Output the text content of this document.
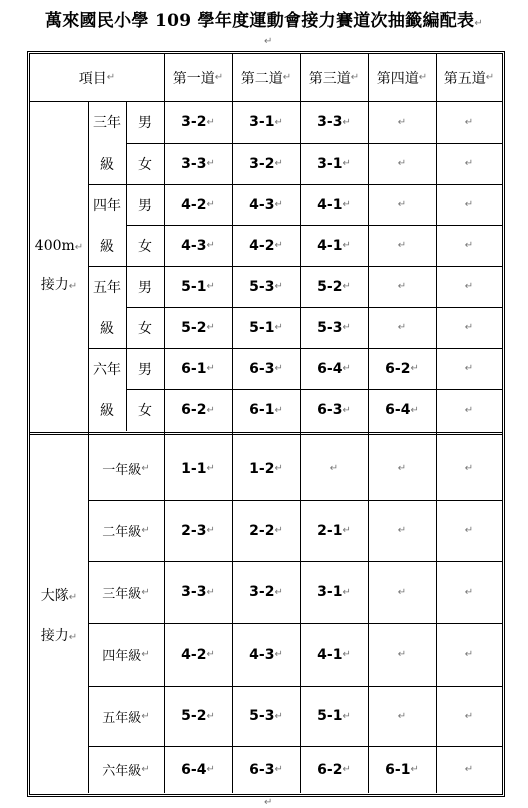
萬來國民小學 109 學年度運動會接力賽道次抽籤編配表↵
↵
↵
項目 ↵	第一道 ↵ 第二道 ↵ 第三道 ↵ 第四道 ↵ 第五道 ↵
400m↵
接力↵
三年
級
男	3-2 ↵	3-1 ↵	3-3 ↵	↵	↵
女	3-3 ↵	3-2 ↵	3-1 ↵	↵	↵
四年
級
男	4-2 ↵	4-3 ↵	4-1 ↵	↵	↵
女	4-3 ↵	4-2 ↵	4-1 ↵	↵	↵
五年
級
男	5-1 ↵	5-3 ↵	5-2 ↵	↵	↵
女	5-2 ↵	5-1 ↵	5-3 ↵	↵	↵
六年
級
男	6-1 ↵	6-3 ↵	6-4 ↵	6-2 ↵	↵
女	6-2 ↵	6-1 ↵	6-3 ↵	6-4 ↵	↵
大隊↵
接力↵
一年級 ↵	1-1 ↵	1-2 ↵	↵	↵	↵
二年級 ↵	2-3 ↵	2-2 ↵	2-1 ↵	↵	↵
三年級 ↵	3-3 ↵	3-2 ↵	3-1 ↵	↵	↵
四年級 ↵	4-2 ↵	4-3 ↵	4-1 ↵	↵	↵
五年級 ↵	5-2 ↵	5-3 ↵	5-1 ↵	↵	↵
六年級 ↵	6-4 ↵	6-3 ↵	6-2 ↵	6-1 ↵	↵
